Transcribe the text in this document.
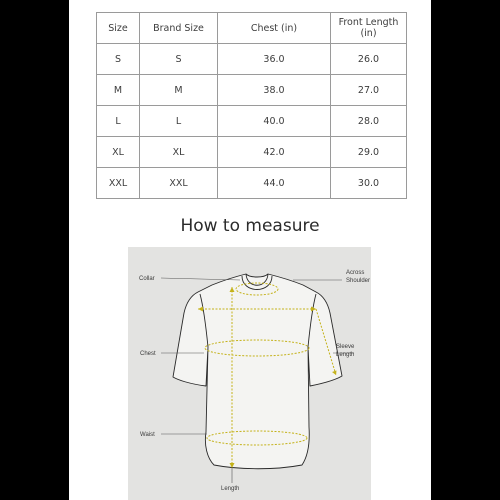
Size	Brand Size	Chest (in)	Front Length (in)
S	S	36.0	26.0
M	M	38.0	27.0
L	L	40.0	28.0
XL	XL	42.0	29.0
XXL	XXL	44.0	30.0
How to measure
Collar
Across
Shoulder
Chest
Sleeve
Length
Waist
Length
